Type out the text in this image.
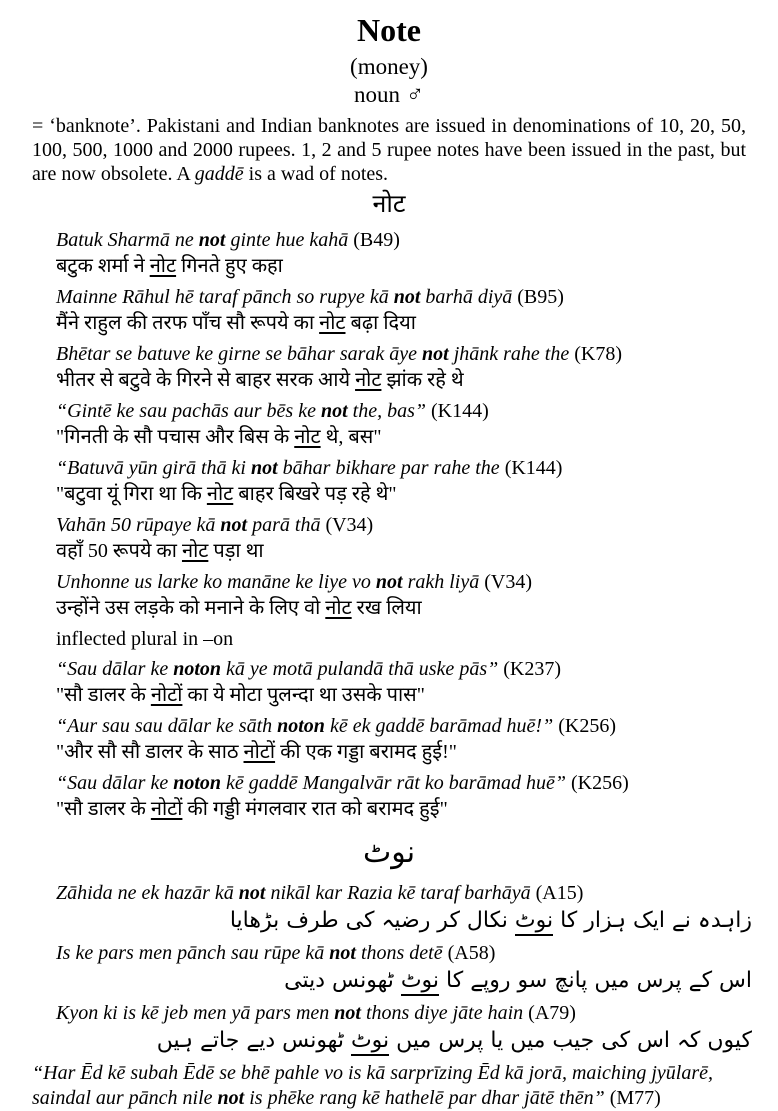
Note

(money)

noun ♂

= ‘banknote’. Pakistani and Indian banknotes are issued in denominations of 10, 20, 50, 100, 500, 1000 and 2000 rupees. 1, 2 and 5 rupee notes have been issued in the past, but are now obsolete. A gaddē is a wad of notes.

नोट

Batuk Sharmā ne not ginte hue kahā (B49)

बटुक शर्मा ने नोट गिनते हुए कहा

Mainne Rāhul hē taraf pānch so rupye kā not barhā diyā (B95)

मैंने राहुल की तरफ पाँच सौ रूपये का नोट बढ़ा दिया

Bhētar se batuve ke girne se bāhar sarak āye not jhānk rahe the (K78)

भीतर से बटुवे के गिरने से बाहर सरक आये नोट झांक रहे थे

“Gintē ke sau pachās aur bēs ke not the, bas” (K144)

"गिनती के सौ पचास और बिस के नोट थे, बस"

“Batuvā yūn girā thā ki not bāhar bikhare par rahe the (K144)

"बटुवा यूं गिरा था कि नोट बाहर बिखरे पड़ रहे थे"

Vahān 50 rūpaye kā not parā thā (V34)

वहाँ 50 रूपये का नोट पड़ा था

Unhonne us larke ko manāne ke liye vo not rakh liyā (V34)

उन्होंने उस लड़के को मनाने के लिए वो नोट रख लिया

inflected plural in –on

“Sau dālar ke noton kā ye motā pulandā thā uske pās” (K237)

"सौ डालर के नोटों का ये मोटा पुलन्दा था उसके पास"

“Aur sau sau dālar ke sāth noton kē ek gaddē barāmad huē!” (K256)

"और सौ सौ डालर के साठ नोटों की एक गड्डा बरामद हुई!"

“Sau dālar ke noton kē gaddē Mangalvār rāt ko barāmad huē” (K256)

"सौ डालर के नोटों की गड्डी मंगलवार रात को बरामद हुई"

نوٹ

Zāhida ne ek hazār kā not nikāl kar Razia kē taraf barhāyā (A15)

زاہدہ نے ایک ہزار کا نوٹ نکال کر رضیہ کی طرف بڑھایا

Is ke pars men pānch sau rūpe kā not thons detē (A58)

اس کے پرس میں پانچ سو روپے کا نوٹ ٹھونس دیتی

Kyon ki is kē jeb men yā pars men not thons diye jāte hain (A79)

کیوں کہ اس کی جیب میں یا پرس میں نوٹ ٹھونس دیے جاتے ہیں

“Har Ēd kē subah Ēdē se bhē pahle vo is kā sarprīzing Ēd kā jorā, maiching jyūlarē, saindal aur pānch nile not is phēke rang kē hathelē par dhar jātē thēn” (M77)
